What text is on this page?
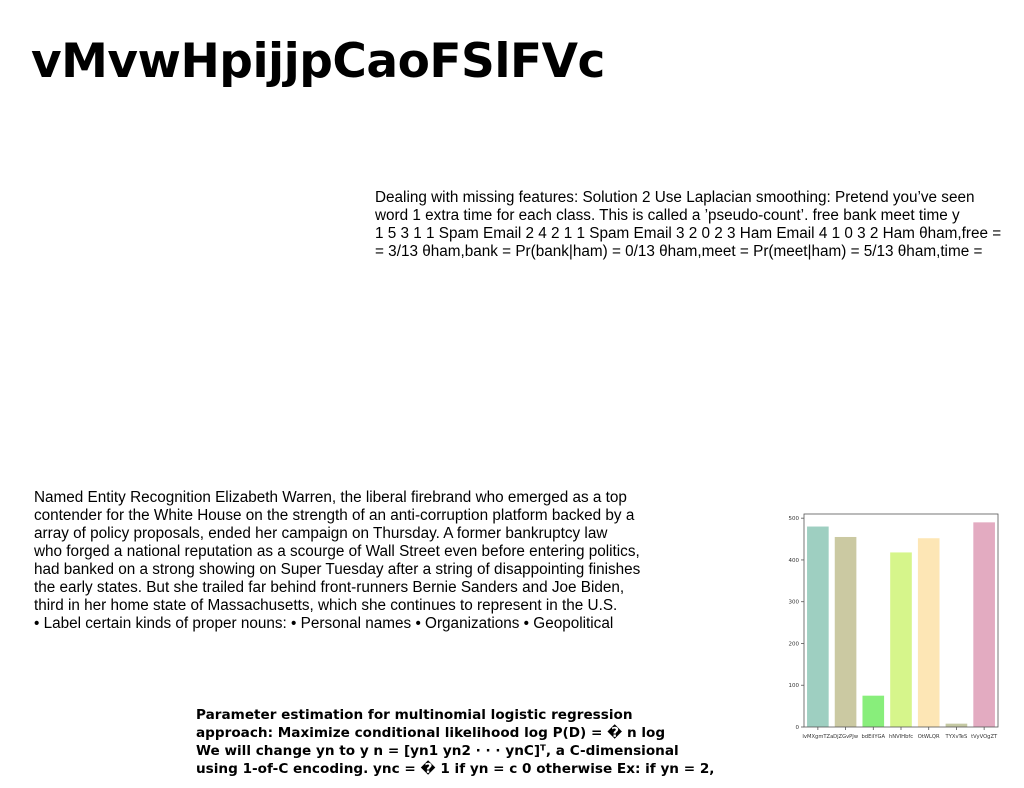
vMvwHpijjpCaoFSlFVc
Dealing with missing features: Solution 2 Use Laplacian smoothing: Pretend you’ve seen
word 1 extra time for each class. This is called a ’pseudo-count’. free bank meet time y
1 5 3 1 1 Spam Email 2 4 2 1 1 Spam Email 3 2 0 2 3 Ham Email 4 1 0 3 2 Ham θham,free =
= 3/13 θham,bank = Pr(bank|ham) = 0/13 θham,meet = Pr(meet|ham) = 5/13 θham,time =
Named Entity Recognition Elizabeth Warren, the liberal firebrand who emerged as a top
contender for the White House on the strength of an anti-corruption platform backed by a
array of policy proposals, ended her campaign on Thursday. A former bankruptcy law
who forged a national reputation as a scourge of Wall Street even before entering politics,
had banked on a strong showing on Super Tuesday after a string of disappointing finishes
the early states. But she trailed far behind front-runners Bernie Sanders and Joe Biden,
third in her home state of Massachusetts, which she continues to represent in the U.S.
• Label certain kinds of proper nouns: • Personal names • Organizations • Geopolitical
Parameter estimation for multinomial logistic regression
approach: Maximize conditional likelihood log P(D) = � n log
We will change yn to y n = [yn1 yn2 · · · ynC]ᵀ, a C-dimensional
using 1-of-C encoding. ync = � 1 if yn = c 0 otherwise Ex: if yn = 2,
0
100
200
300
400
500
IvMXgmTZa DjZGvPJw bdEiIYGA hNVIHbfc OtWLQR TYXvTeS tVyVOgZT
